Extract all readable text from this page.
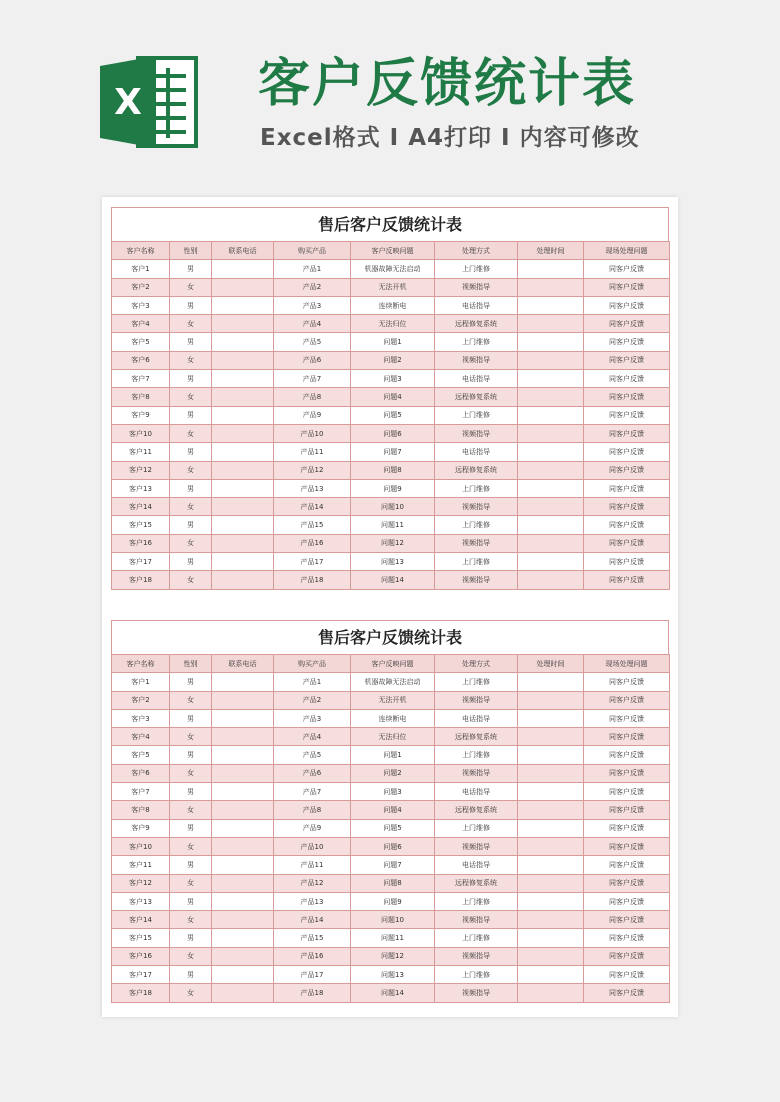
X 客户反馈统计表
Excel格式 I A4打印 I 内容可修改
售后客户反馈统计表
客户名称	性别	联系电话	购买产品	客户反映问题	处理方式	处理时间	现场处理问题
客户1	男		产品1	机器故障无法启动	上门维修		同客户反馈
客户2	女		产品2	无法开机	视频指导		同客户反馈
客户3	男		产品3	连续断电	电话指导		同客户反馈
客户4	女		产品4	无法归位	远程修复系统		同客户反馈
客户5	男		产品5	问题1	上门维修		同客户反馈
客户6	女		产品6	问题2	视频指导		同客户反馈
客户7	男		产品7	问题3	电话指导		同客户反馈
客户8	女		产品8	问题4	远程修复系统		同客户反馈
客户9	男		产品9	问题5	上门维修		同客户反馈
客户10	女		产品10	问题6	视频指导		同客户反馈
客户11	男		产品11	问题7	电话指导		同客户反馈
客户12	女		产品12	问题8	远程修复系统		同客户反馈
客户13	男		产品13	问题9	上门维修		同客户反馈
客户14	女		产品14	问题10	视频指导		同客户反馈
客户15	男		产品15	问题11	上门维修		同客户反馈
客户16	女		产品16	问题12	视频指导		同客户反馈
客户17	男		产品17	问题13	上门维修		同客户反馈
客户18	女		产品18	问题14	视频指导		同客户反馈
售后客户反馈统计表
客户名称	性别	联系电话	购买产品	客户反映问题	处理方式	处理时间	现场处理问题
客户1	男		产品1	机器故障无法启动	上门维修		同客户反馈
客户2	女		产品2	无法开机	视频指导		同客户反馈
客户3	男		产品3	连续断电	电话指导		同客户反馈
客户4	女		产品4	无法归位	远程修复系统		同客户反馈
客户5	男		产品5	问题1	上门维修		同客户反馈
客户6	女		产品6	问题2	视频指导		同客户反馈
客户7	男		产品7	问题3	电话指导		同客户反馈
客户8	女		产品8	问题4	远程修复系统		同客户反馈
客户9	男		产品9	问题5	上门维修		同客户反馈
客户10	女		产品10	问题6	视频指导		同客户反馈
客户11	男		产品11	问题7	电话指导		同客户反馈
客户12	女		产品12	问题8	远程修复系统		同客户反馈
客户13	男		产品13	问题9	上门维修		同客户反馈
客户14	女		产品14	问题10	视频指导		同客户反馈
客户15	男		产品15	问题11	上门维修		同客户反馈
客户16	女		产品16	问题12	视频指导		同客户反馈
客户17	男		产品17	问题13	上门维修		同客户反馈
客户18	女		产品18	问题14	视频指导		同客户反馈
